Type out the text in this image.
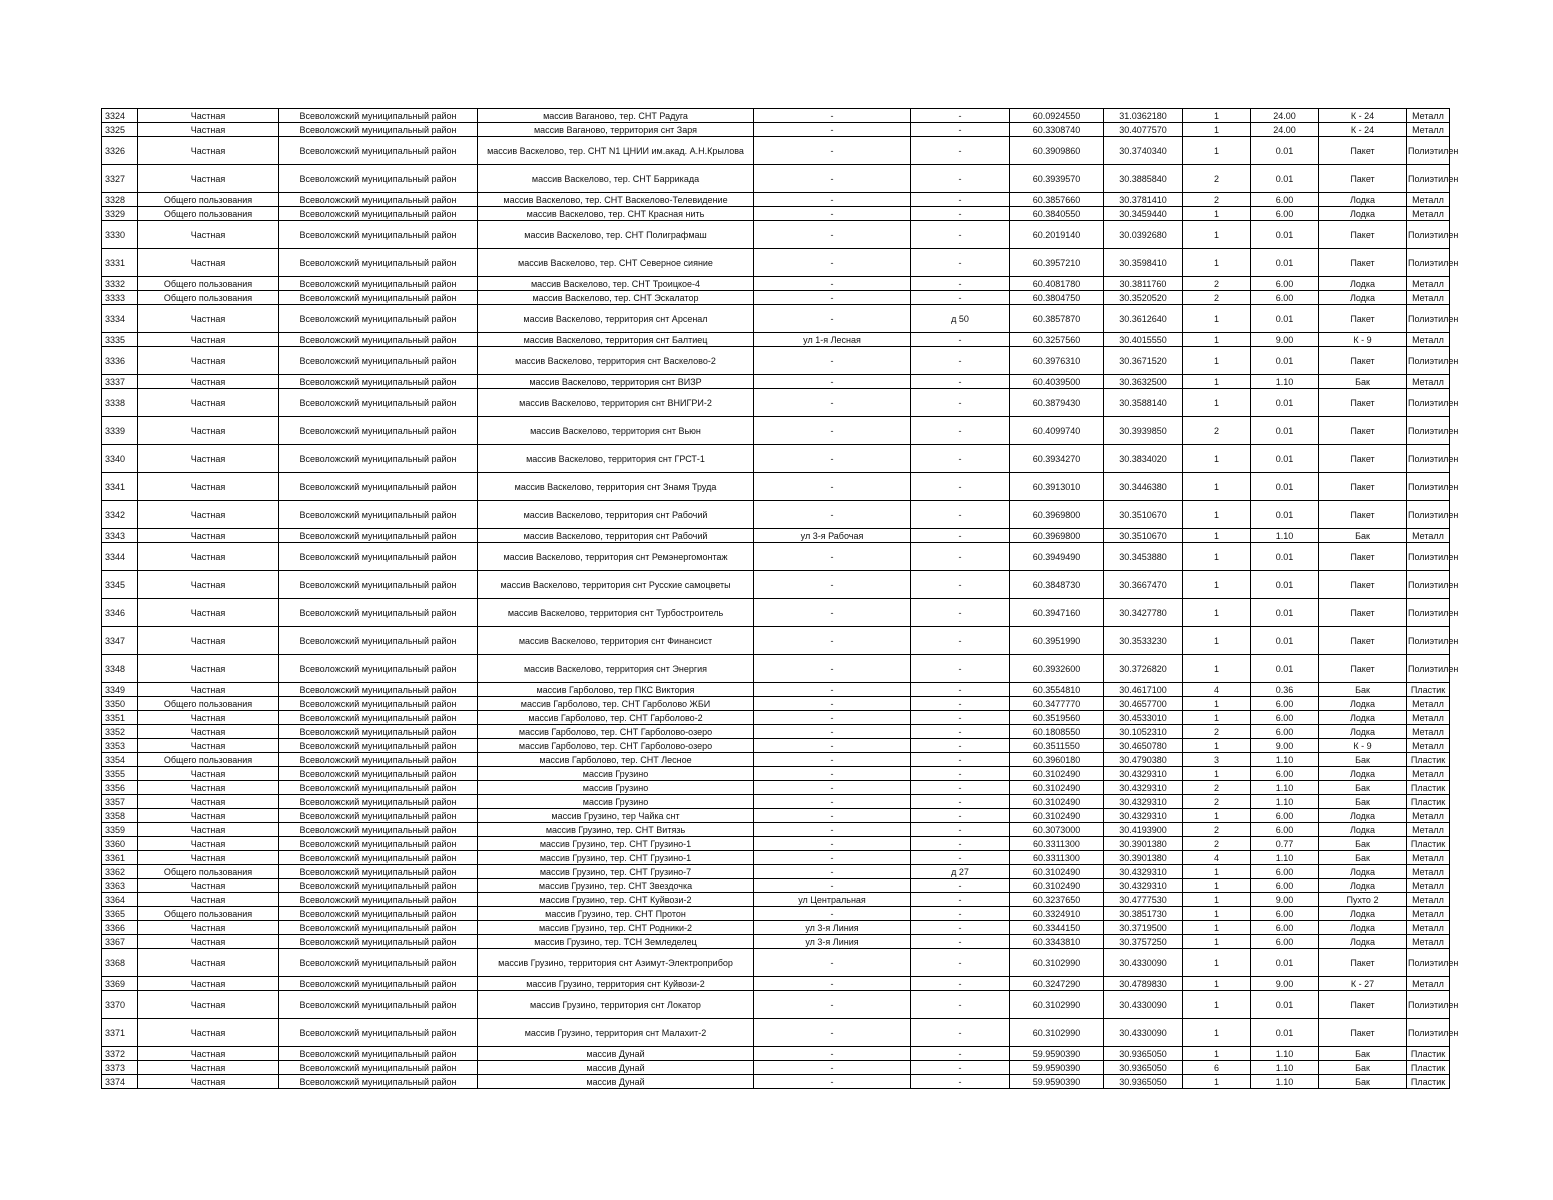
3324	Частная	Всеволожский муниципальный район	массив Ваганово, тер. СНТ Радуга	-	-	60.0924550	31.0362180	1	24.00	К - 24	Металл
3325	Частная	Всеволожский муниципальный район	массив Ваганово, территория снт Заря	-	-	60.3308740	30.4077570	1	24.00	К - 24	Металл
3326	Частная	Всеволожский муниципальный район	массив Васкелово, тер. СНТ N1 ЦНИИ им.акад. А.Н.Крылова	-	-	60.3909860	30.3740340	1	0.01	Пакет	Полиэтилен
3327	Частная	Всеволожский муниципальный район	массив Васкелово, тер. СНТ Баррикада	-	-	60.3939570	30.3885840	2	0.01	Пакет	Полиэтилен
3328	Общего пользования	Всеволожский муниципальный район	массив Васкелово, тер. СНТ Васкелово-Телевидение	-	-	60.3857660	30.3781410	2	6.00	Лодка	Металл
3329	Общего пользования	Всеволожский муниципальный район	массив Васкелово, тер. СНТ Красная нить	-	-	60.3840550	30.3459440	1	6.00	Лодка	Металл
3330	Частная	Всеволожский муниципальный район	массив Васкелово, тер. СНТ Полиграфмаш	-	-	60.2019140	30.0392680	1	0.01	Пакет	Полиэтилен
3331	Частная	Всеволожский муниципальный район	массив Васкелово, тер. СНТ Северное сияние	-	-	60.3957210	30.3598410	1	0.01	Пакет	Полиэтилен
3332	Общего пользования	Всеволожский муниципальный район	массив Васкелово, тер. СНТ Троицкое-4	-	-	60.4081780	30.3811760	2	6.00	Лодка	Металл
3333	Общего пользования	Всеволожский муниципальный район	массив Васкелово, тер. СНТ Эскалатор	-	-	60.3804750	30.3520520	2	6.00	Лодка	Металл
3334	Частная	Всеволожский муниципальный район	массив Васкелово, территория снт Арсенал	-	д 50	60.3857870	30.3612640	1	0.01	Пакет	Полиэтилен
3335	Частная	Всеволожский муниципальный район	массив Васкелово, территория снт Балтиец	ул 1-я Лесная	-	60.3257560	30.4015550	1	9.00	К - 9	Металл
3336	Частная	Всеволожский муниципальный район	массив Васкелово, территория снт Васкелово-2	-	-	60.3976310	30.3671520	1	0.01	Пакет	Полиэтилен
3337	Частная	Всеволожский муниципальный район	массив Васкелово, территория снт ВИЗР	-	-	60.4039500	30.3632500	1	1.10	Бак	Металл
3338	Частная	Всеволожский муниципальный район	массив Васкелово, территория снт ВНИГРИ-2	-	-	60.3879430	30.3588140	1	0.01	Пакет	Полиэтилен
3339	Частная	Всеволожский муниципальный район	массив Васкелово, территория снт Вьюн	-	-	60.4099740	30.3939850	2	0.01	Пакет	Полиэтилен
3340	Частная	Всеволожский муниципальный район	массив Васкелово, территория снт ГРСТ-1	-	-	60.3934270	30.3834020	1	0.01	Пакет	Полиэтилен
3341	Частная	Всеволожский муниципальный район	массив Васкелово, территория снт Знамя Труда	-	-	60.3913010	30.3446380	1	0.01	Пакет	Полиэтилен
3342	Частная	Всеволожский муниципальный район	массив Васкелово, территория снт Рабочий	-	-	60.3969800	30.3510670	1	0.01	Пакет	Полиэтилен
3343	Частная	Всеволожский муниципальный район	массив Васкелово, территория снт Рабочий	ул 3-я Рабочая	-	60.3969800	30.3510670	1	1.10	Бак	Металл
3344	Частная	Всеволожский муниципальный район	массив Васкелово, территория снт Ремэнергомонтаж	-	-	60.3949490	30.3453880	1	0.01	Пакет	Полиэтилен
3345	Частная	Всеволожский муниципальный район	массив Васкелово, территория снт Русские самоцветы	-	-	60.3848730	30.3667470	1	0.01	Пакет	Полиэтилен
3346	Частная	Всеволожский муниципальный район	массив Васкелово, территория снт Турбостроитель	-	-	60.3947160	30.3427780	1	0.01	Пакет	Полиэтилен
3347	Частная	Всеволожский муниципальный район	массив Васкелово, территория снт Финансист	-	-	60.3951990	30.3533230	1	0.01	Пакет	Полиэтилен
3348	Частная	Всеволожский муниципальный район	массив Васкелово, территория снт Энергия	-	-	60.3932600	30.3726820	1	0.01	Пакет	Полиэтилен
3349	Частная	Всеволожский муниципальный район	массив Гарболово, тер ПКС Виктория	-	-	60.3554810	30.4617100	4	0.36	Бак	Пластик
3350	Общего пользования	Всеволожский муниципальный район	массив Гарболово, тер. СНТ Гарболово ЖБИ	-	-	60.3477770	30.4657700	1	6.00	Лодка	Металл
3351	Частная	Всеволожский муниципальный район	массив Гарболово, тер. СНТ Гарболово-2	-	-	60.3519560	30.4533010	1	6.00	Лодка	Металл
3352	Частная	Всеволожский муниципальный район	массив Гарболово, тер. СНТ Гарболово-озеро	-	-	60.1808550	30.1052310	2	6.00	Лодка	Металл
3353	Частная	Всеволожский муниципальный район	массив Гарболово, тер. СНТ Гарболово-озеро	-	-	60.3511550	30.4650780	1	9.00	К - 9	Металл
3354	Общего пользования	Всеволожский муниципальный район	массив Гарболово, тер. СНТ Лесное	-	-	60.3960180	30.4790380	3	1.10	Бак	Пластик
3355	Частная	Всеволожский муниципальный район	массив Грузино	-	-	60.3102490	30.4329310	1	6.00	Лодка	Металл
3356	Частная	Всеволожский муниципальный район	массив Грузино	-	-	60.3102490	30.4329310	2	1.10	Бак	Пластик
3357	Частная	Всеволожский муниципальный район	массив Грузино	-	-	60.3102490	30.4329310	2	1.10	Бак	Пластик
3358	Частная	Всеволожский муниципальный район	массив Грузино, тер Чайка снт	-	-	60.3102490	30.4329310	1	6.00	Лодка	Металл
3359	Частная	Всеволожский муниципальный район	массив Грузино, тер. СНТ Витязь	-	-	60.3073000	30.4193900	2	6.00	Лодка	Металл
3360	Частная	Всеволожский муниципальный район	массив Грузино, тер. СНТ Грузино-1	-	-	60.3311300	30.3901380	2	0.77	Бак	Пластик
3361	Частная	Всеволожский муниципальный район	массив Грузино, тер. СНТ Грузино-1	-	-	60.3311300	30.3901380	4	1.10	Бак	Металл
3362	Общего пользования	Всеволожский муниципальный район	массив Грузино, тер. СНТ Грузино-7	-	д 27	60.3102490	30.4329310	1	6.00	Лодка	Металл
3363	Частная	Всеволожский муниципальный район	массив Грузино, тер. СНТ Звездочка	-	-	60.3102490	30.4329310	1	6.00	Лодка	Металл
3364	Частная	Всеволожский муниципальный район	массив Грузино, тер. СНТ Куйвози-2	ул Центральная	-	60.3237650	30.4777530	1	9.00	Пухто 2	Металл
3365	Общего пользования	Всеволожский муниципальный район	массив Грузино, тер. СНТ Протон	-	-	60.3324910	30.3851730	1	6.00	Лодка	Металл
3366	Частная	Всеволожский муниципальный район	массив Грузино, тер. СНТ Родники-2	ул 3-я Линия	-	60.3344150	30.3719500	1	6.00	Лодка	Металл
3367	Частная	Всеволожский муниципальный район	массив Грузино, тер. ТСН Земледелец	ул 3-я Линия	-	60.3343810	30.3757250	1	6.00	Лодка	Металл
3368	Частная	Всеволожский муниципальный район	массив Грузино, территория снт Азимут-Электроприбор	-	-	60.3102990	30.4330090	1	0.01	Пакет	Полиэтилен
3369	Частная	Всеволожский муниципальный район	массив Грузино, территория снт Куйвози-2	-	-	60.3247290	30.4789830	1	9.00	К - 27	Металл
3370	Частная	Всеволожский муниципальный район	массив Грузино, территория снт Локатор	-	-	60.3102990	30.4330090	1	0.01	Пакет	Полиэтилен
3371	Частная	Всеволожский муниципальный район	массив Грузино, территория снт Малахит-2	-	-	60.3102990	30.4330090	1	0.01	Пакет	Полиэтилен
3372	Частная	Всеволожский муниципальный район	массив Дунай	-	-	59.9590390	30.9365050	1	1.10	Бак	Пластик
3373	Частная	Всеволожский муниципальный район	массив Дунай	-	-	59.9590390	30.9365050	6	1.10	Бак	Пластик
3374	Частная	Всеволожский муниципальный район	массив Дунай	-	-	59.9590390	30.9365050	1	1.10	Бак	Пластик
